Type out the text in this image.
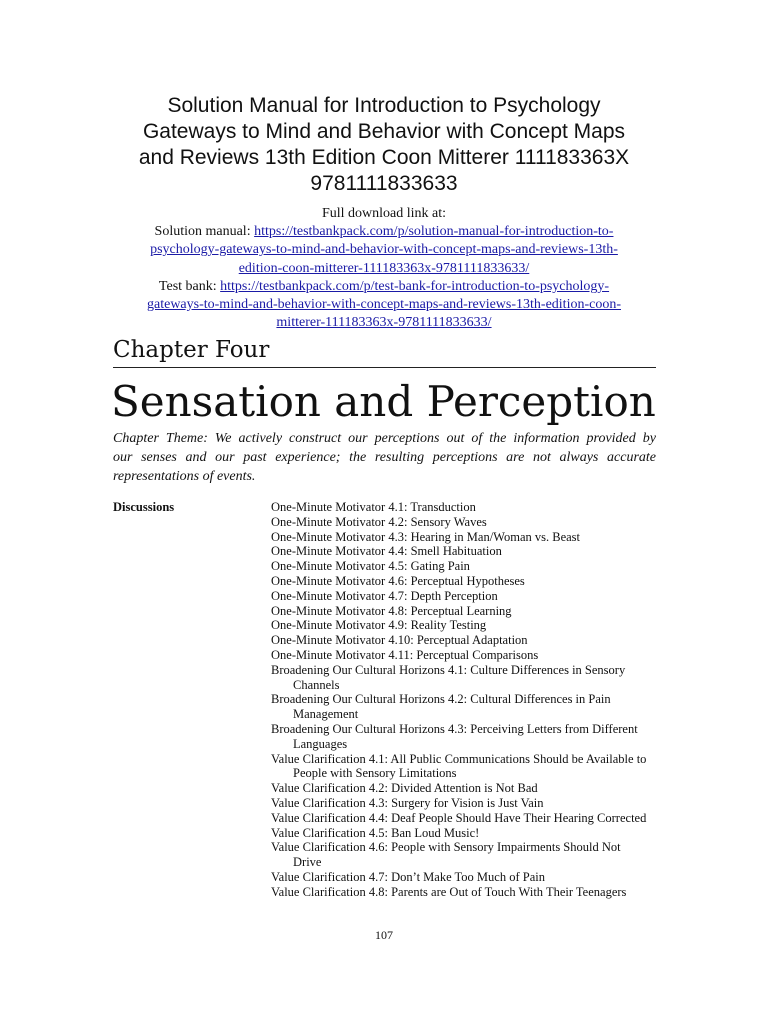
Solution Manual for Introduction to Psychology
Gateways to Mind and Behavior with Concept Maps
and Reviews 13th Edition Coon Mitterer 111183363X
9781111833633
Full download link at:
Solution manual: https://testbankpack.com/p/solution-manual-for-introduction-to-
psychology-gateways-to-mind-and-behavior-with-concept-maps-and-reviews-13th-
edition-coon-mitterer-111183363x-9781111833633/
Test bank: https://testbankpack.com/p/test-bank-for-introduction-to-psychology-
gateways-to-mind-and-behavior-with-concept-maps-and-reviews-13th-edition-coon-
mitterer-111183363x-9781111833633/
Chapter Four
Sensation and Perception

Chapter Theme: We actively construct our perceptions out of the information provided by
our senses and our past experience; the resulting perceptions are not always accurate
representations of events.

Discussions	One-Minute Motivator 4.1: Transduction
One-Minute Motivator 4.2: Sensory Waves
One-Minute Motivator 4.3: Hearing in Man/Woman vs. Beast
One-Minute Motivator 4.4: Smell Habituation
One-Minute Motivator 4.5: Gating Pain
One-Minute Motivator 4.6: Perceptual Hypotheses
One-Minute Motivator 4.7: Depth Perception
One-Minute Motivator 4.8: Perceptual Learning
One-Minute Motivator 4.9: Reality Testing
One-Minute Motivator 4.10: Perceptual Adaptation
One-Minute Motivator 4.11: Perceptual Comparisons
Broadening Our Cultural Horizons 4.1: Culture Differences in Sensory
Channels
Broadening Our Cultural Horizons 4.2: Cultural Differences in Pain
Management
Broadening Our Cultural Horizons 4.3: Perceiving Letters from Different
Languages
Value Clarification 4.1: All Public Communications Should be Available to
People with Sensory Limitations
Value Clarification 4.2: Divided Attention is Not Bad
Value Clarification 4.3: Surgery for Vision is Just Vain
Value Clarification 4.4: Deaf People Should Have Their Hearing Corrected
Value Clarification 4.5: Ban Loud Music!
Value Clarification 4.6: People with Sensory Impairments Should Not
Drive
Value Clarification 4.7: Don’t Make Too Much of Pain
Value Clarification 4.8: Parents are Out of Touch With Their Teenagers
107
